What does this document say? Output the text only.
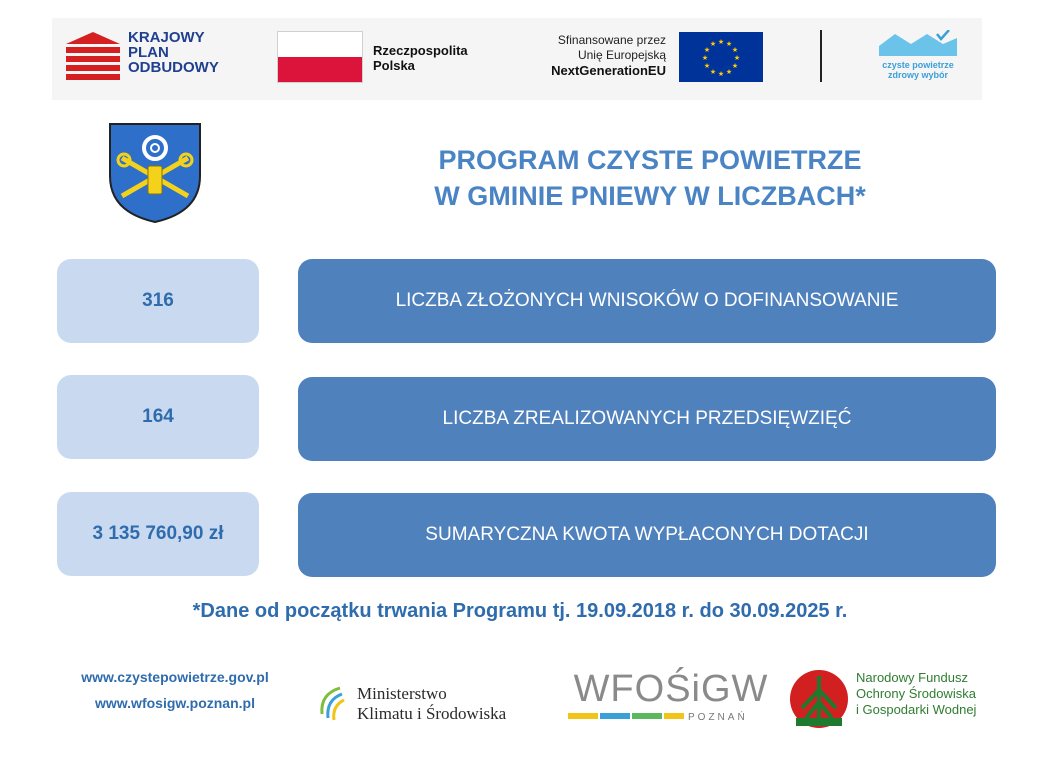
KRAJOWY
PLAN
ODBUDOWY
Rzeczpospolita
Polska
Sfinansowane przez
Unię Europejską
NextGenerationEU
★ ★
★
★
★
★
★
★
★
★
★
★
czyste powietrze
zdrowy wybór
PROGRAM CZYSTE POWIETRZE
W GMINIE PNIEWY W LICZBACH*
316	LICZBA ZŁOŻONYCH WNISOKÓW O DOFINANSOWANIE
164	LICZBA ZREALIZOWANYCH PRZEDSIĘWZIĘĆ
3 135 760,90 zł	SUMARYCZNA KWOTA WYPŁACONYCH DOTACJI
*Dane od początku trwania Programu tj. 19.09.2018 r. do 30.09.2025 r.
www.czystepowietrze.gov.pl
www.wfosigw.poznan.pl	Ministerstwo
Klimatu i Środowiska
WFOŚiGW
POZNAŃ
Narodowy Fundusz
Ochrony Środowiska
i Gospodarki Wodnej
